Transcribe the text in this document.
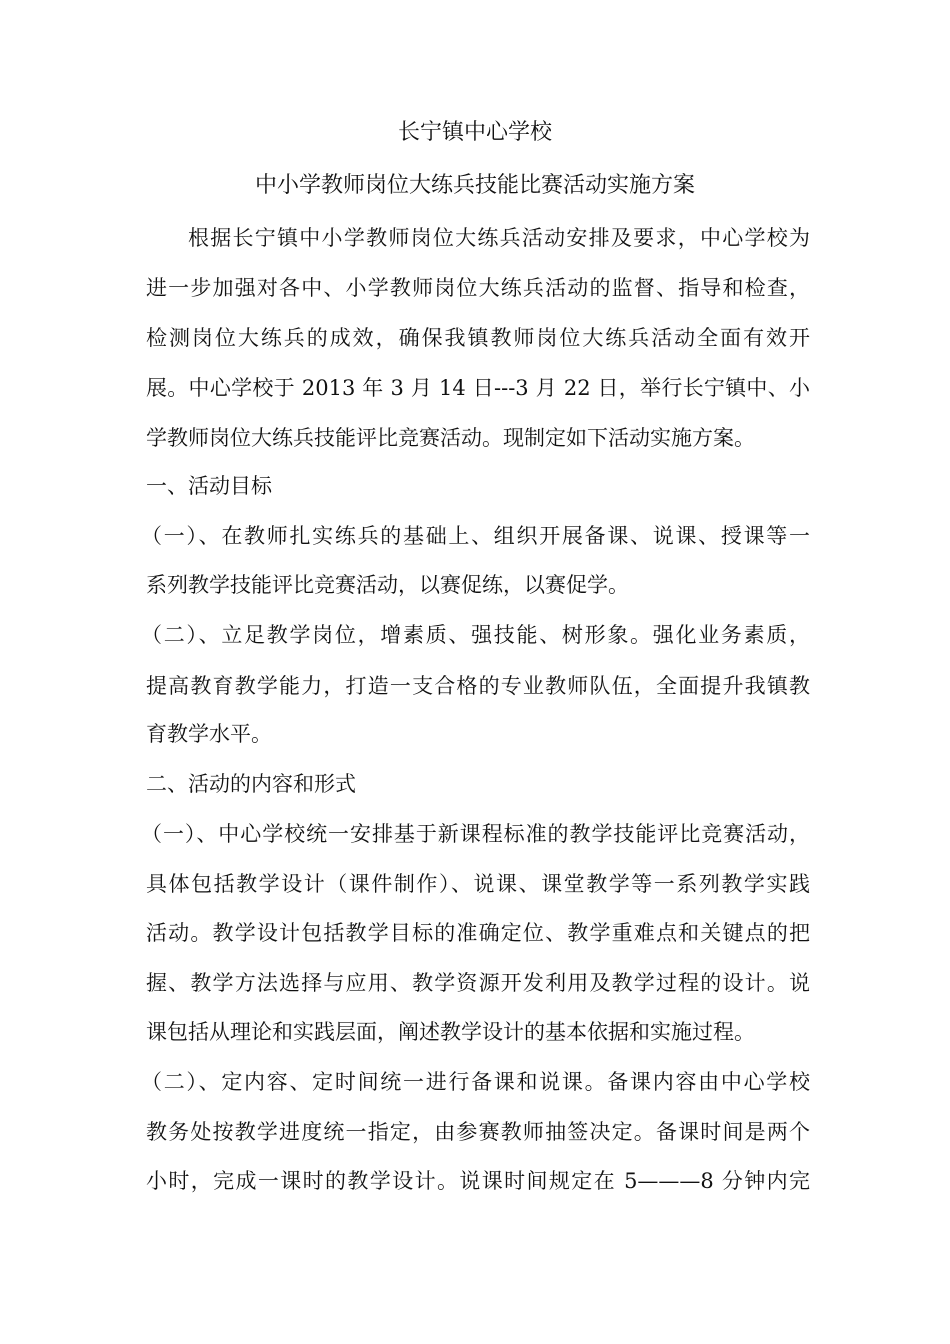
长宁镇中心学校
中小学教师岗位大练兵技能比赛活动实施方案
根据长宁镇中小学教师岗位大练兵活动安排及要求，中心学校为
进一步加强对各中、小学教师岗位大练兵活动的监督、指导和检查，
检测岗位大练兵的成效，确保我镇教师岗位大练兵活动全面有效开
展。中心学校于 2013 年 3 月 14 日---3 月 22 日，举行长宁镇中、小
学教师岗位大练兵技能评比竞赛活动。现制定如下活动实施方案。
一、活动目标
（一）、在教师扎实练兵的基础上、组织开展备课、说课、授课等一
系列教学技能评比竞赛活动，以赛促练，以赛促学。
（二）、立足教学岗位，增素质、强技能、树形象。强化业务素质，
提高教育教学能力，打造一支合格的专业教师队伍，全面提升我镇教
育教学水平。
二、活动的内容和形式
（一）、中心学校统一安排基于新课程标准的教学技能评比竞赛活动，
具体包括教学设计（课件制作）、说课、课堂教学等一系列教学实践
活动。教学设计包括教学目标的准确定位、教学重难点和关键点的把
握、教学方法选择与应用、教学资源开发利用及教学过程的设计。说
课包括从理论和实践层面，阐述教学设计的基本依据和实施过程。
（二）、定内容、定时间统一进行备课和说课。备课内容由中心学校
教务处按教学进度统一指定，由参赛教师抽签决定。备课时间是两个
小时，完成一课时的教学设计。说课时间规定在 5———8 分钟内完
